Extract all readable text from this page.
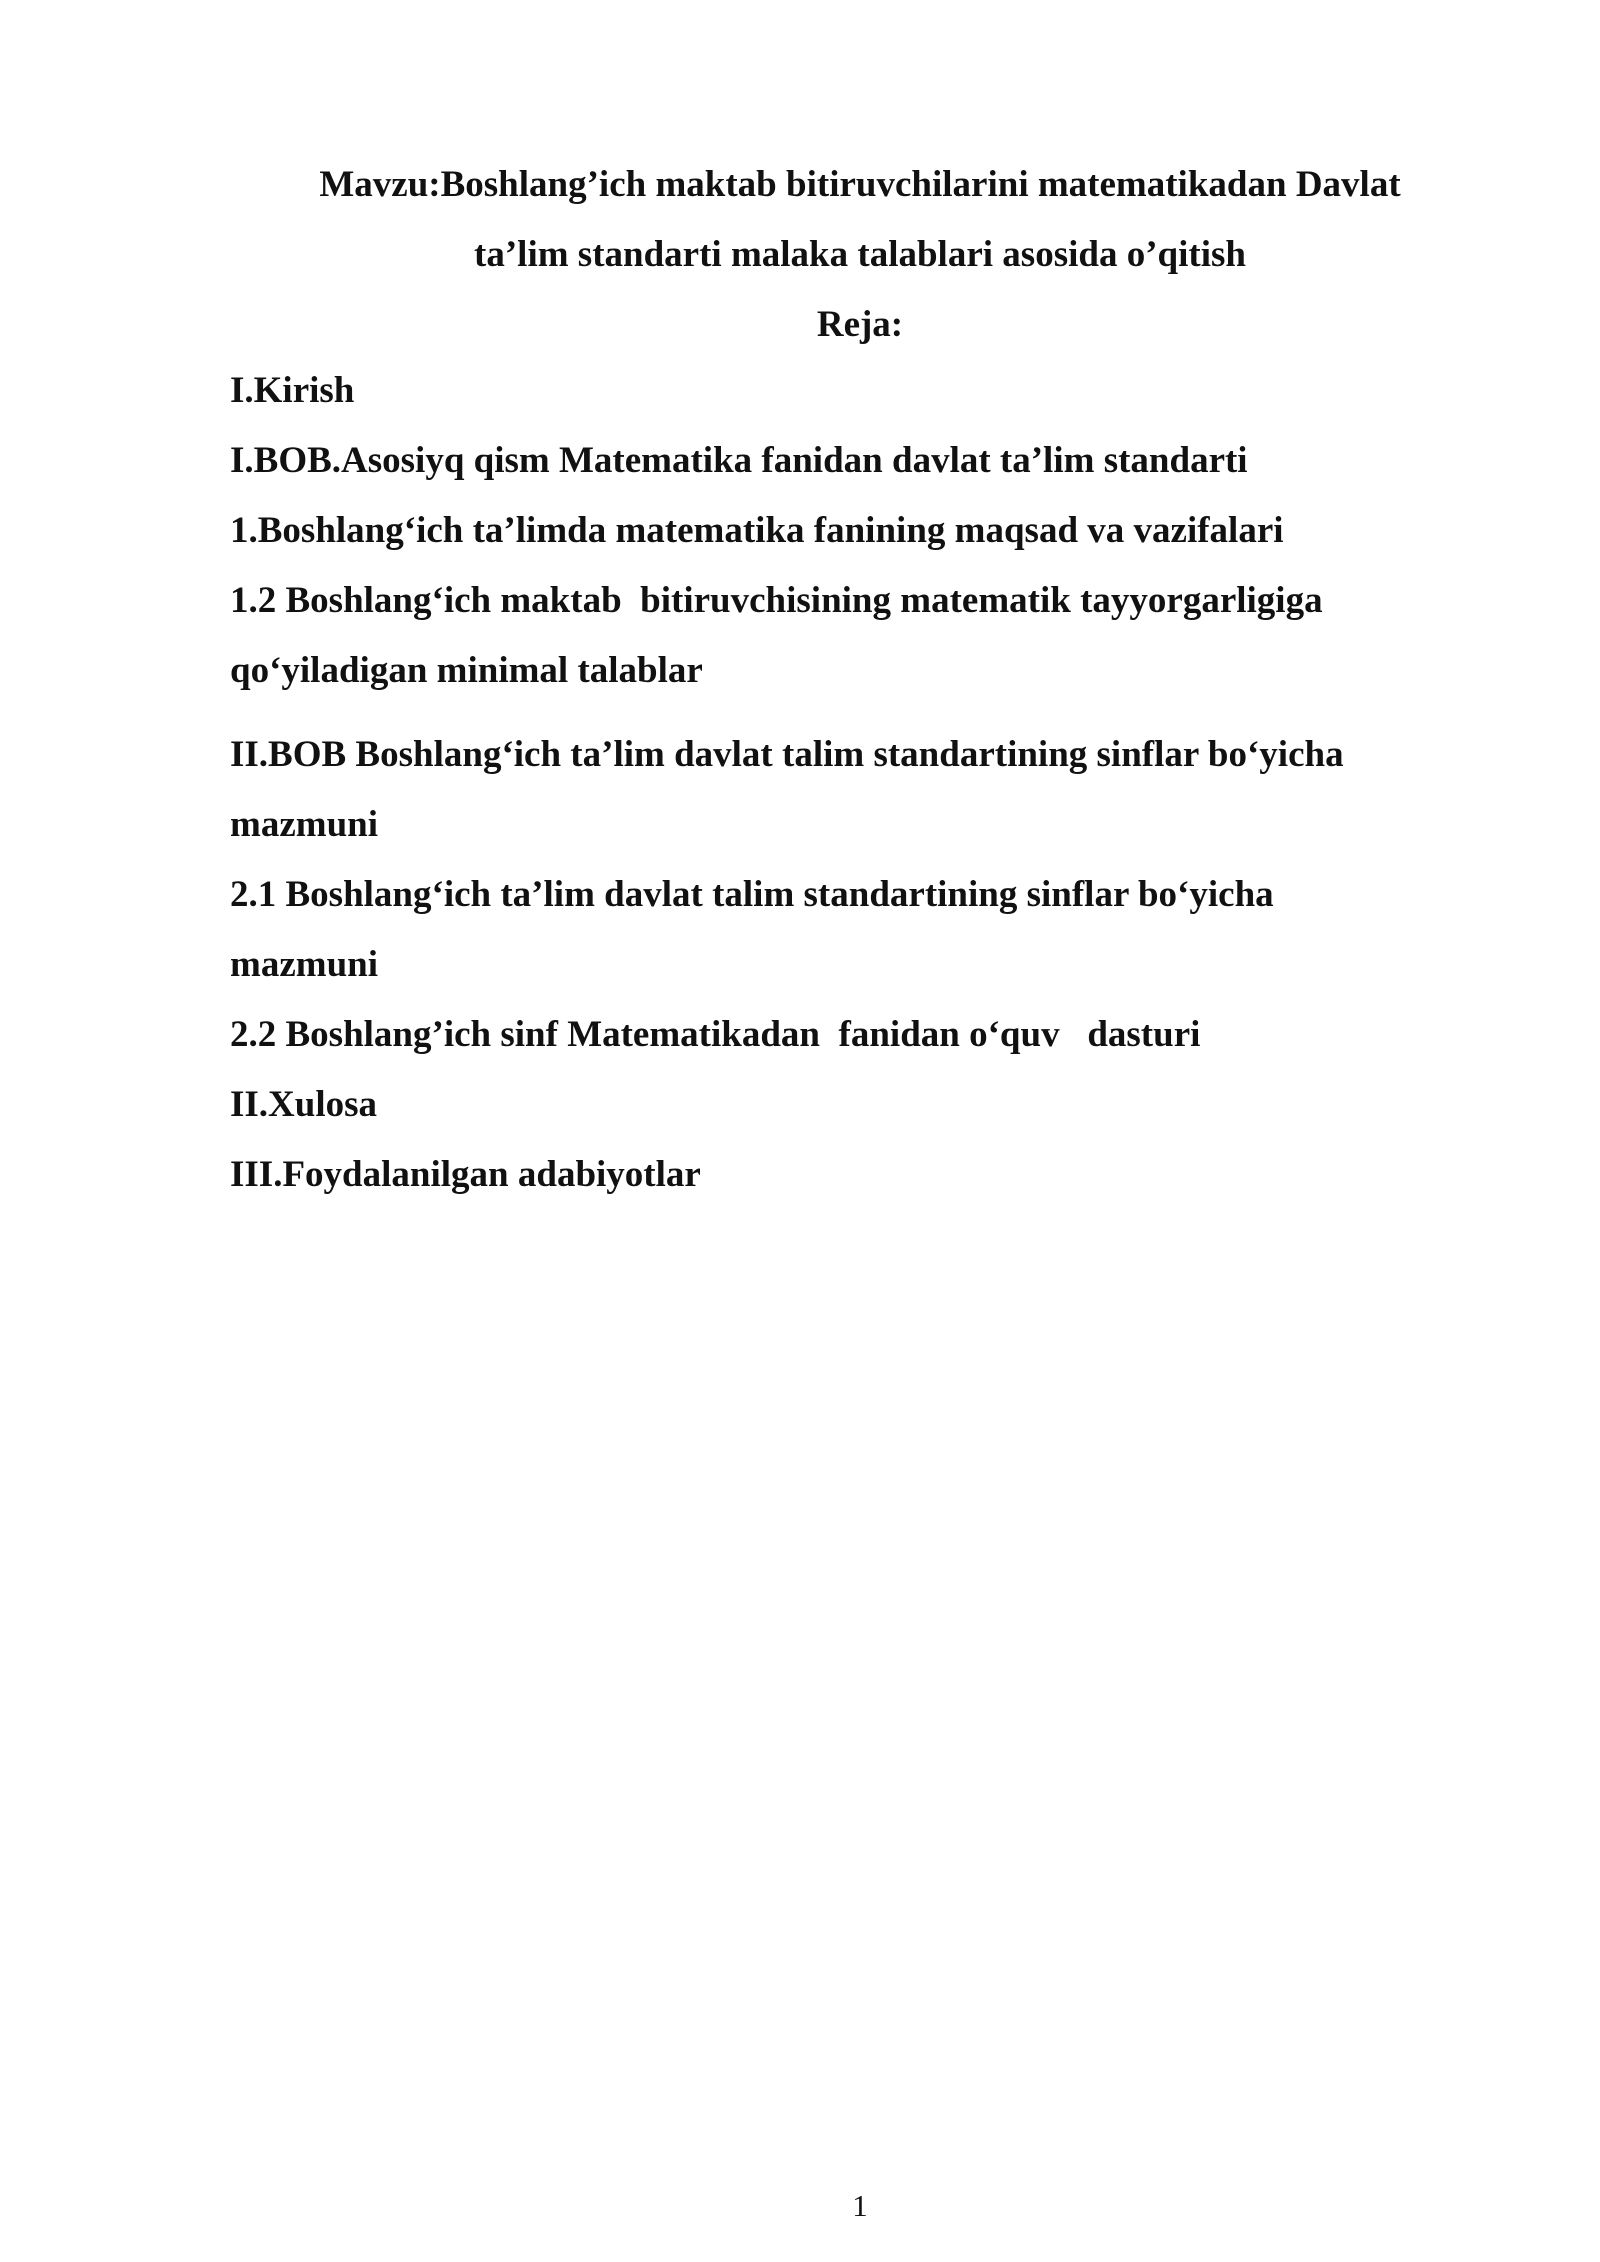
Mavzu:Boshlang’ich maktab bitiruvchilarini matematikadan Davlat
ta’lim standarti malaka talablari asosida o’qitish
Reja:
I.Kirish
I.BOB.Asosiyq qism Matematika fanidan davlat ta’lim standarti
1.Boshlang‘ich ta’limda matematika fanining maqsad va vazifalari
1.2 Boshlang‘ich maktab  bitiruvchisining matematik tayyorgarligiga
qo‘yiladigan minimal talablar
II.BOB Boshlang‘ich ta’lim davlat talim standartining sinflar bo‘yicha
mazmuni
2.1 Boshlang‘ich ta’lim davlat talim standartining sinflar bo‘yicha
mazmuni
2.2 Boshlang’ich sinf Matematikadan  fanidan o‘quv   dasturi
II.Xulosa
III.Foydalanilgan adabiyotlar
1
